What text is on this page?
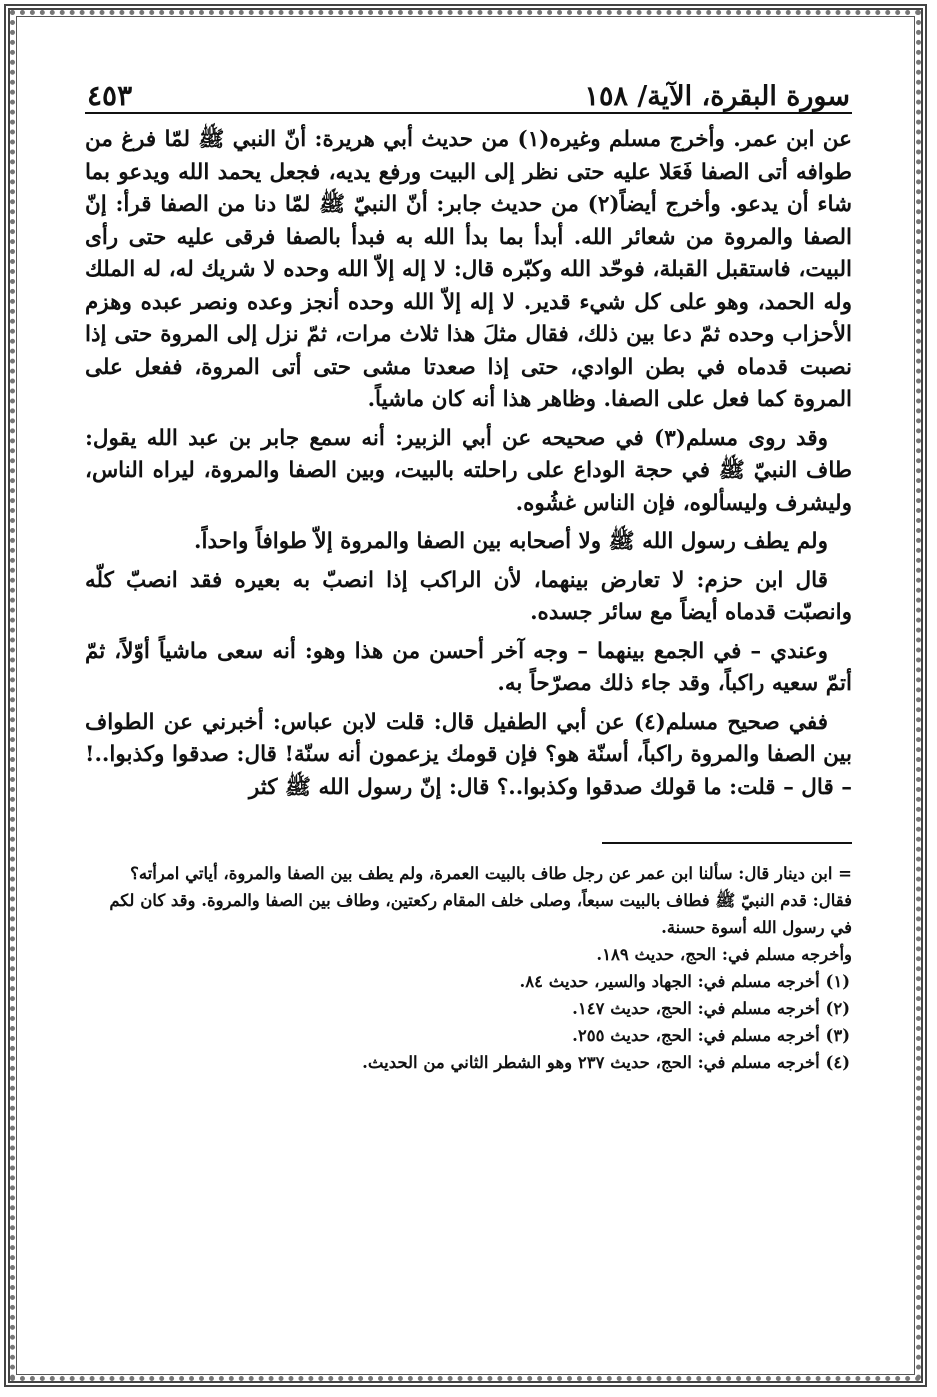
سورة البقرة، الآية/ ١٥٨
٤٥٣

عن ابن عمر. وأخرج مسلم وغيره(١) من حديث أبي هريرة: أنّ النبي ﷺ لمّا فرغ من طوافه أتى الصفا فَعَلا عليه حتى نظر إلى البيت ورفع يديه، فجعل يحمد الله ويدعو بما شاء أن يدعو. وأخرج أيضاً(٢) من حديث جابر: أنّ النبيّ ﷺ لمّا دنا من الصفا قرأ: إنّ الصفا والمروة من شعائر الله. أبدأ بما بدأ الله به فبدأ بالصفا فرقى عليه حتى رأى البيت، فاستقبل القبلة، فوحّد الله وكبّره قال: لا إله إلاّ الله وحده لا شريك له، له الملك وله الحمد، وهو على كل شيء قدير. لا إله إلاّ الله وحده أنجز وعده ونصر عبده وهزم الأحزاب وحده ثمّ دعا بين ذلك، فقال مثلَ هذا ثلاث مرات، ثمّ نزل إلى المروة حتى إذا نصبت قدماه في بطن الوادي، حتى إذا صعدتا مشى حتى أتى المروة، ففعل على المروة كما فعل على الصفا. وظاهر هذا أنه كان ماشياً.

وقد روى مسلم(٣) في صحيحه عن أبي الزبير: أنه سمع جابر بن عبد الله يقول: طاف النبيّ ﷺ في حجة الوداع على راحلته بالبيت، وبين الصفا والمروة، ليراه الناس، وليشرف وليسألوه، فإن الناس غشُوه.

ولم يطف رسول الله ﷺ ولا أصحابه بين الصفا والمروة إلاّ طوافاً واحداً.

قال ابن حزم: لا تعارض بينهما، لأن الراكب إذا انصبّ به بعيره فقد انصبّ كلّه وانصبّت قدماه أيضاً مع سائر جسده.

وعندي – في الجمع بينهما – وجه آخر أحسن من هذا وهو: أنه سعى ماشياً أوّلاً، ثمّ أتمّ سعيه راكباً، وقد جاء ذلك مصرّحاً به.

ففي صحيح مسلم(٤) عن أبي الطفيل قال: قلت لابن عباس: أخبرني عن الطواف بين الصفا والمروة راكباً، أسنّة هو؟ فإن قومك يزعمون أنه سنّة! قال: صدقوا وكذبوا..! – قال – قلت: ما قولك صدقوا وكذبوا..؟ قال: إنّ رسول الله ﷺ كثر

= ابن دينار قال: سألنا ابن عمر عن رجل طاف بالبيت العمرة، ولم يطف بين الصفا والمروة، أياتي امرأته؟ فقال: قدم النبيّ ﷺ فطاف بالبيت سبعاً، وصلى خلف المقام ركعتين، وطاف بين الصفا والمروة. وقد كان لكم في رسول الله أسوة حسنة.

وأخرجه مسلم في: الحج، حديث ١٨٩.

(١) أخرجه مسلم في: الجهاد والسير، حديث ٨٤.

(٢) أخرجه مسلم في: الحج، حديث ١٤٧.

(٣) أخرجه مسلم في: الحج، حديث ٢٥٥.

(٤) أخرجه مسلم في: الحج، حديث ٢٣٧ وهو الشطر الثاني من الحديث.
